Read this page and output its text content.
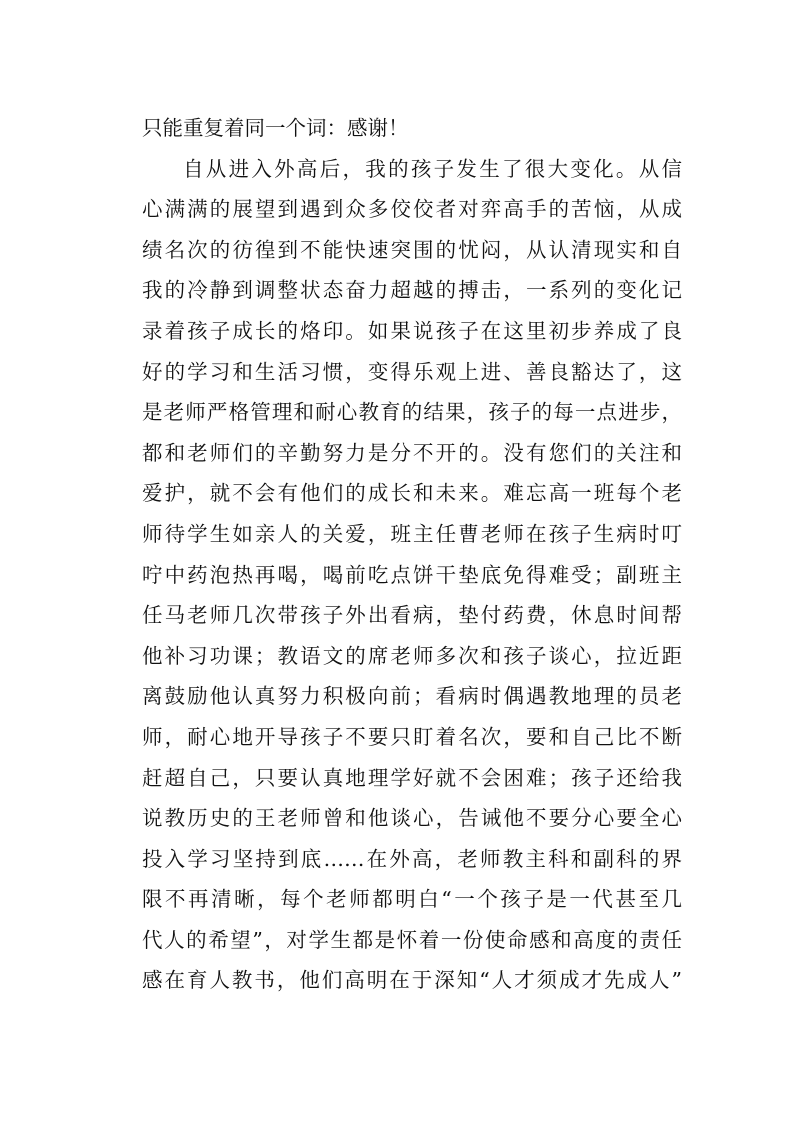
只能重复着同一个词：感谢！
自从进入外高后，我的孩子发生了很大变化。从信
心满满的展望到遇到众多佼佼者对弈高手的苦恼，从成
绩名次的彷徨到不能快速突围的忧闷，从认清现实和自
我的冷静到调整状态奋力超越的搏击，一系列的变化记
录着孩子成长的烙印。如果说孩子在这里初步养成了良
好的学习和生活习惯，变得乐观上进、善良豁达了，这
是老师严格管理和耐心教育的结果，孩子的每一点进步，
都和老师们的辛勤努力是分不开的。没有您们的关注和
爱护，就不会有他们的成长和未来。难忘高一班每个老
师待学生如亲人的关爱，班主任曹老师在孩子生病时叮
咛中药泡热再喝，喝前吃点饼干垫底免得难受；副班主
任马老师几次带孩子外出看病，垫付药费，休息时间帮
他补习功课；教语文的席老师多次和孩子谈心，拉近距
离鼓励他认真努力积极向前；看病时偶遇教地理的员老
师，耐心地开导孩子不要只盯着名次，要和自己比不断
赶超自己，只要认真地理学好就不会困难；孩子还给我
说教历史的王老师曾和他谈心，告诫他不要分心要全心
投入学习坚持到底……在外高，老师教主科和副科的界
限不再清晰，每个老师都明白“一个孩子是一代甚至几
代人的希望”，对学生都是怀着一份使命感和高度的责任
感在育人教书，他们高明在于深知“人才须成才先成人”
